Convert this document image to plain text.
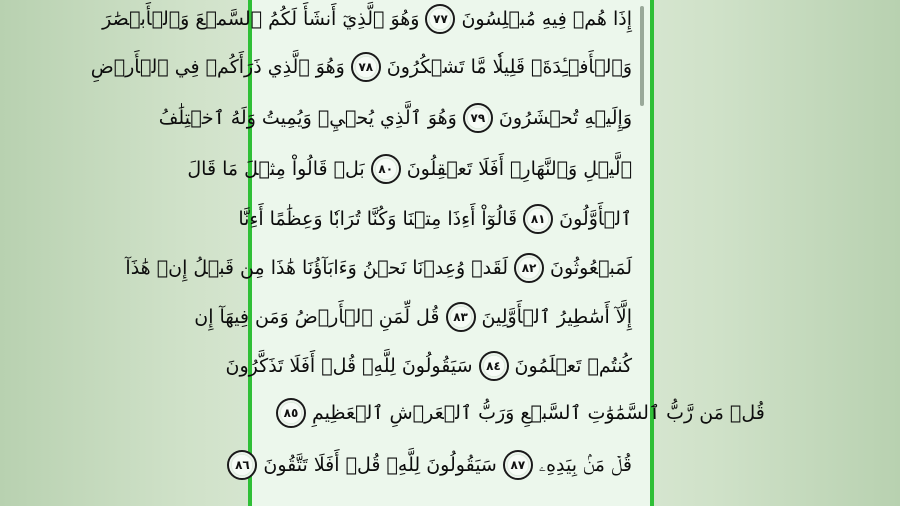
إِذَا هُمۡ فِيهِ مُبۡلِسُونَ
٧٧
وَهُوَ ٱلَّذِيٓ أَنشَأَ لَكُمُ ٱلسَّمۡعَ وَٱلۡأَبۡصَٰرَ
وَٱلۡأَفۡـِٔدَةَۚ قَلِيلٗا مَّا تَشۡكُرُونَ
٧٨
وَهُوَ ٱلَّذِي ذَرَأَكُمۡ فِي ٱلۡأَرۡضِ
وَإِلَيۡهِ تُحۡشَرُونَ
٧٩
وَهُوَ ٱلَّذِي يُحۡيِۦ وَيُمِيتُ وَلَهُ ٱخۡتِلَٰفُ
ٱلَّيۡلِ وَٱلنَّهَارِۚ أَفَلَا تَعۡقِلُونَ
٨٠
بَلۡ قَالُواْ مِثۡلَ مَا قَالَ
ٱلۡأَوَّلُونَ
٨١
قَالُوٓاْ أَءِذَا مِتۡنَا وَكُنَّا تُرَابٗا وَعِظَٰمًا أَءِنَّا
لَمَبۡعُوثُونَ
٨٢
لَقَدۡ وُعِدۡنَا نَحۡنُ وَءَابَآؤُنَا هَٰذَا مِن قَبۡلُ إِنۡ هَٰذَآ
إِلَّآ أَسَٰطِيرُ ٱلۡأَوَّلِينَ
٨٣
قُل لِّمَنِ ٱلۡأَرۡضُ وَمَن فِيهَآ إِن
كُنتُمۡ تَعۡلَمُونَ
٨٤
سَيَقُولُونَ لِلَّهِۚ قُلۡ أَفَلَا تَذَكَّرُونَ
قُلۡ مَن رَّبُّ ٱلسَّمَٰوَٰتِ ٱلسَّبۡعِ وَرَبُّ ٱلۡعَرۡشِ ٱلۡعَظِيمِ
٨٥
قُلۡ مَنۢ بِيَدِهِۦ
٨٧
سَيَقُولُونَ لِلَّهِۚ قُلۡ أَفَلَا تَتَّقُونَ
٨٦
